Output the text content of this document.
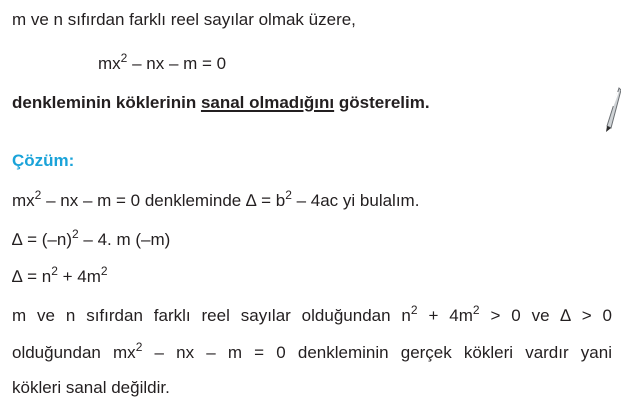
m ve n sıfırdan farklı reel sayılar olmak üzere,
$mx^2$ – nx – m = 0
denkleminin köklerinin sanal olmadığını gösterelim.
Çözüm:
$mx^2$ – nx – m = 0 denkleminde ∆ = $b^2 - 4ac$ yi bulalım.
∆ = $(-n)^2 - 4$. m (–m)
∆ = $n^2 + 4m^2$
m ve n sıfırdan farklı reel sayılar olduğundan $n^2 + 4m^2 > 0$ ve ∆ > 0
olduğundan $mx^2$ – nx – m = 0 denkleminin gerçek kökleri vardır yani
kökleri sanal değildir.
